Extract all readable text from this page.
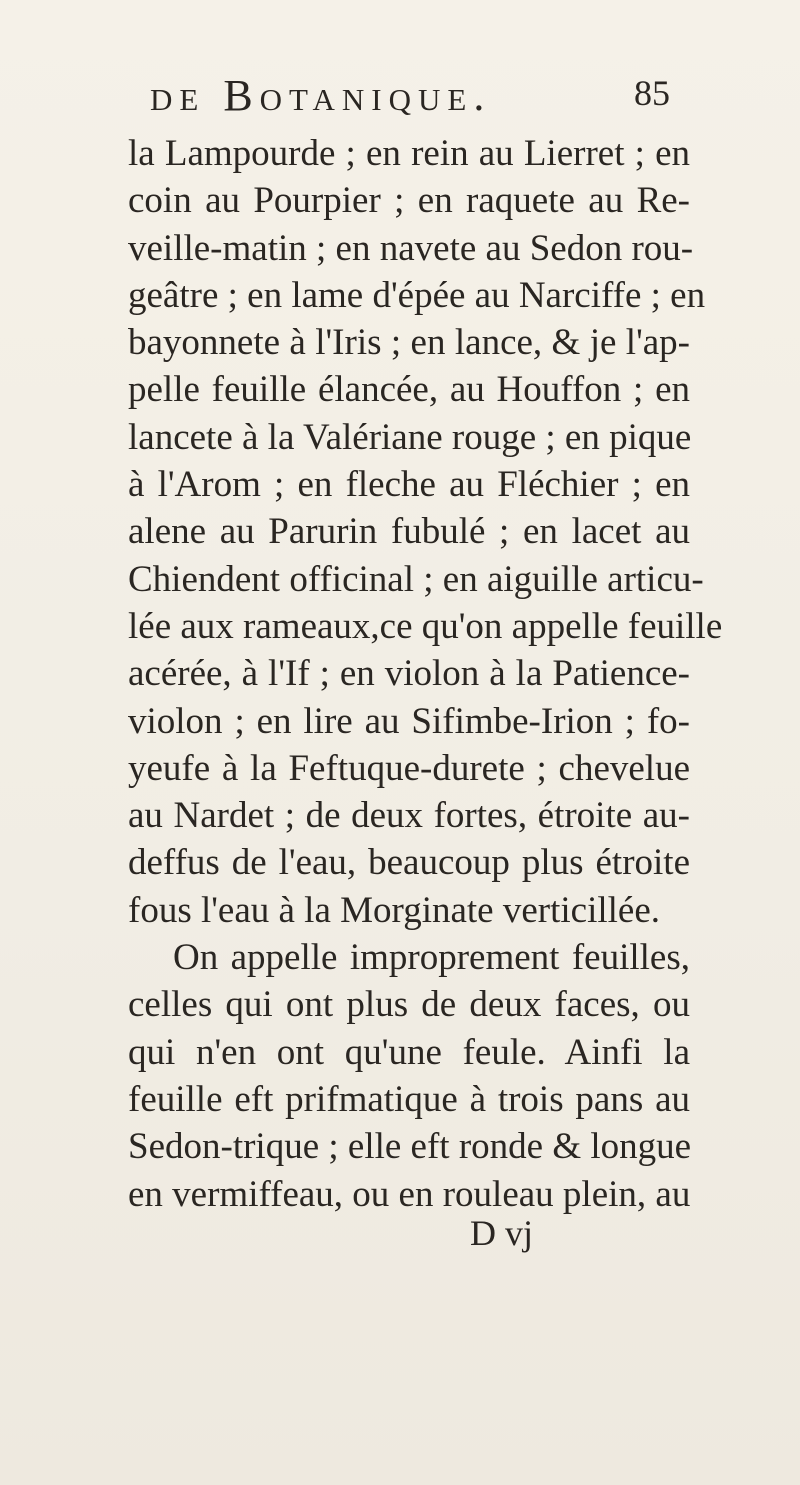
de Botanique.	85
la Lampourde ; en rein au Lierret ; en
coin au Pourpier ; en raquete au Re-
veille-matin ; en navete au Sedon rou-
geâtre ; en lame d'épée au Narciffe ; en
bayonnete à l'Iris ; en lance, & je l'ap-
pelle feuille élancée, au Houffon ; en
lancete à la Valériane rouge ; en pique
à l'Arom ; en fleche au Fléchier ; en
alene au Parurin fubulé ; en lacet au
Chiendent officinal ; en aiguille articu-
lée aux rameaux,ce qu'on appelle feuille
acérée, à l'If ; en violon à la Patience-
violon ; en lire au Sifimbe-Irion ; fo-
yeufe à la Feftuque-durete ; chevelue
au Nardet ; de deux fortes, étroite au-
deffus de l'eau, beaucoup plus étroite
fous l'eau à la Morginate verticillée.
On appelle improprement feuilles,
celles qui ont plus de deux faces, ou
qui n'en ont qu'une feule. Ainfi la
feuille eft prifmatique à trois pans au
Sedon-trique ; elle eft ronde & longue
en vermiffeau, ou en rouleau plein, au
D vj
